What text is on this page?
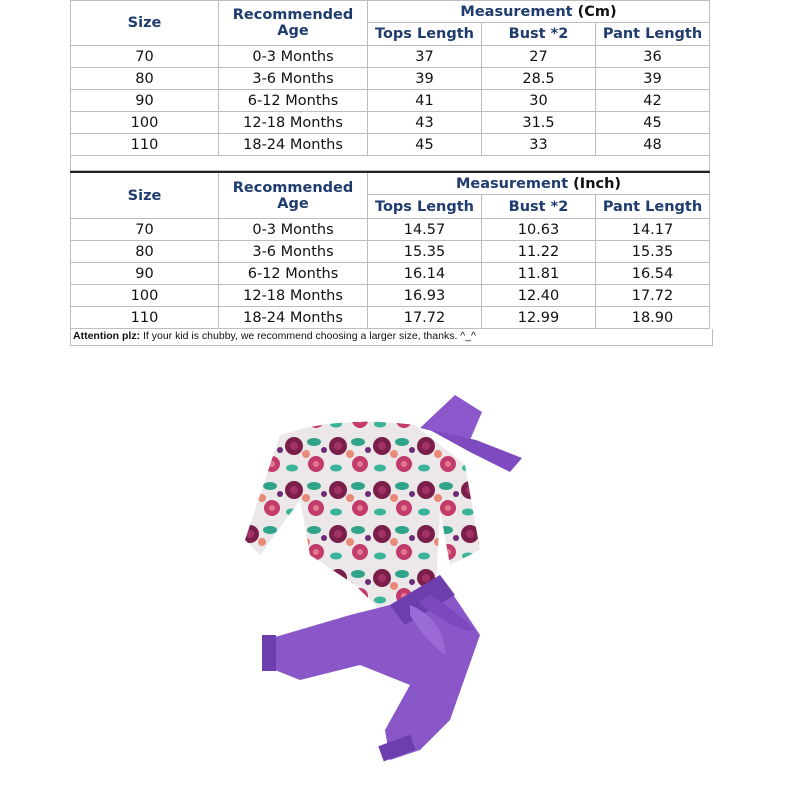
Size	Recommended Age	Measurement (Cm)		
		Tops Length	Bust *2	Pant Length
70	0-3 Months	37	27	36
80	3-6 Months	39	28.5	39
90	6-12 Months	41	30	42
100	12-18 Months	43	31.5	45
110	18-24 Months	45	33	48

Size	Recommended Age	Measurement (Inch)		
		Tops Length	Bust *2	Pant Length
70	0-3 Months	14.57	10.63	14.17
80	3-6 Months	15.35	11.22	15.35
90	6-12 Months	16.14	11.81	16.54
100	12-18 Months	16.93	12.40	17.72
110	18-24 Months	17.72	12.99	18.90
Attention plz: If your kid is chubby, we recommend choosing a larger size, thanks. ^_^
